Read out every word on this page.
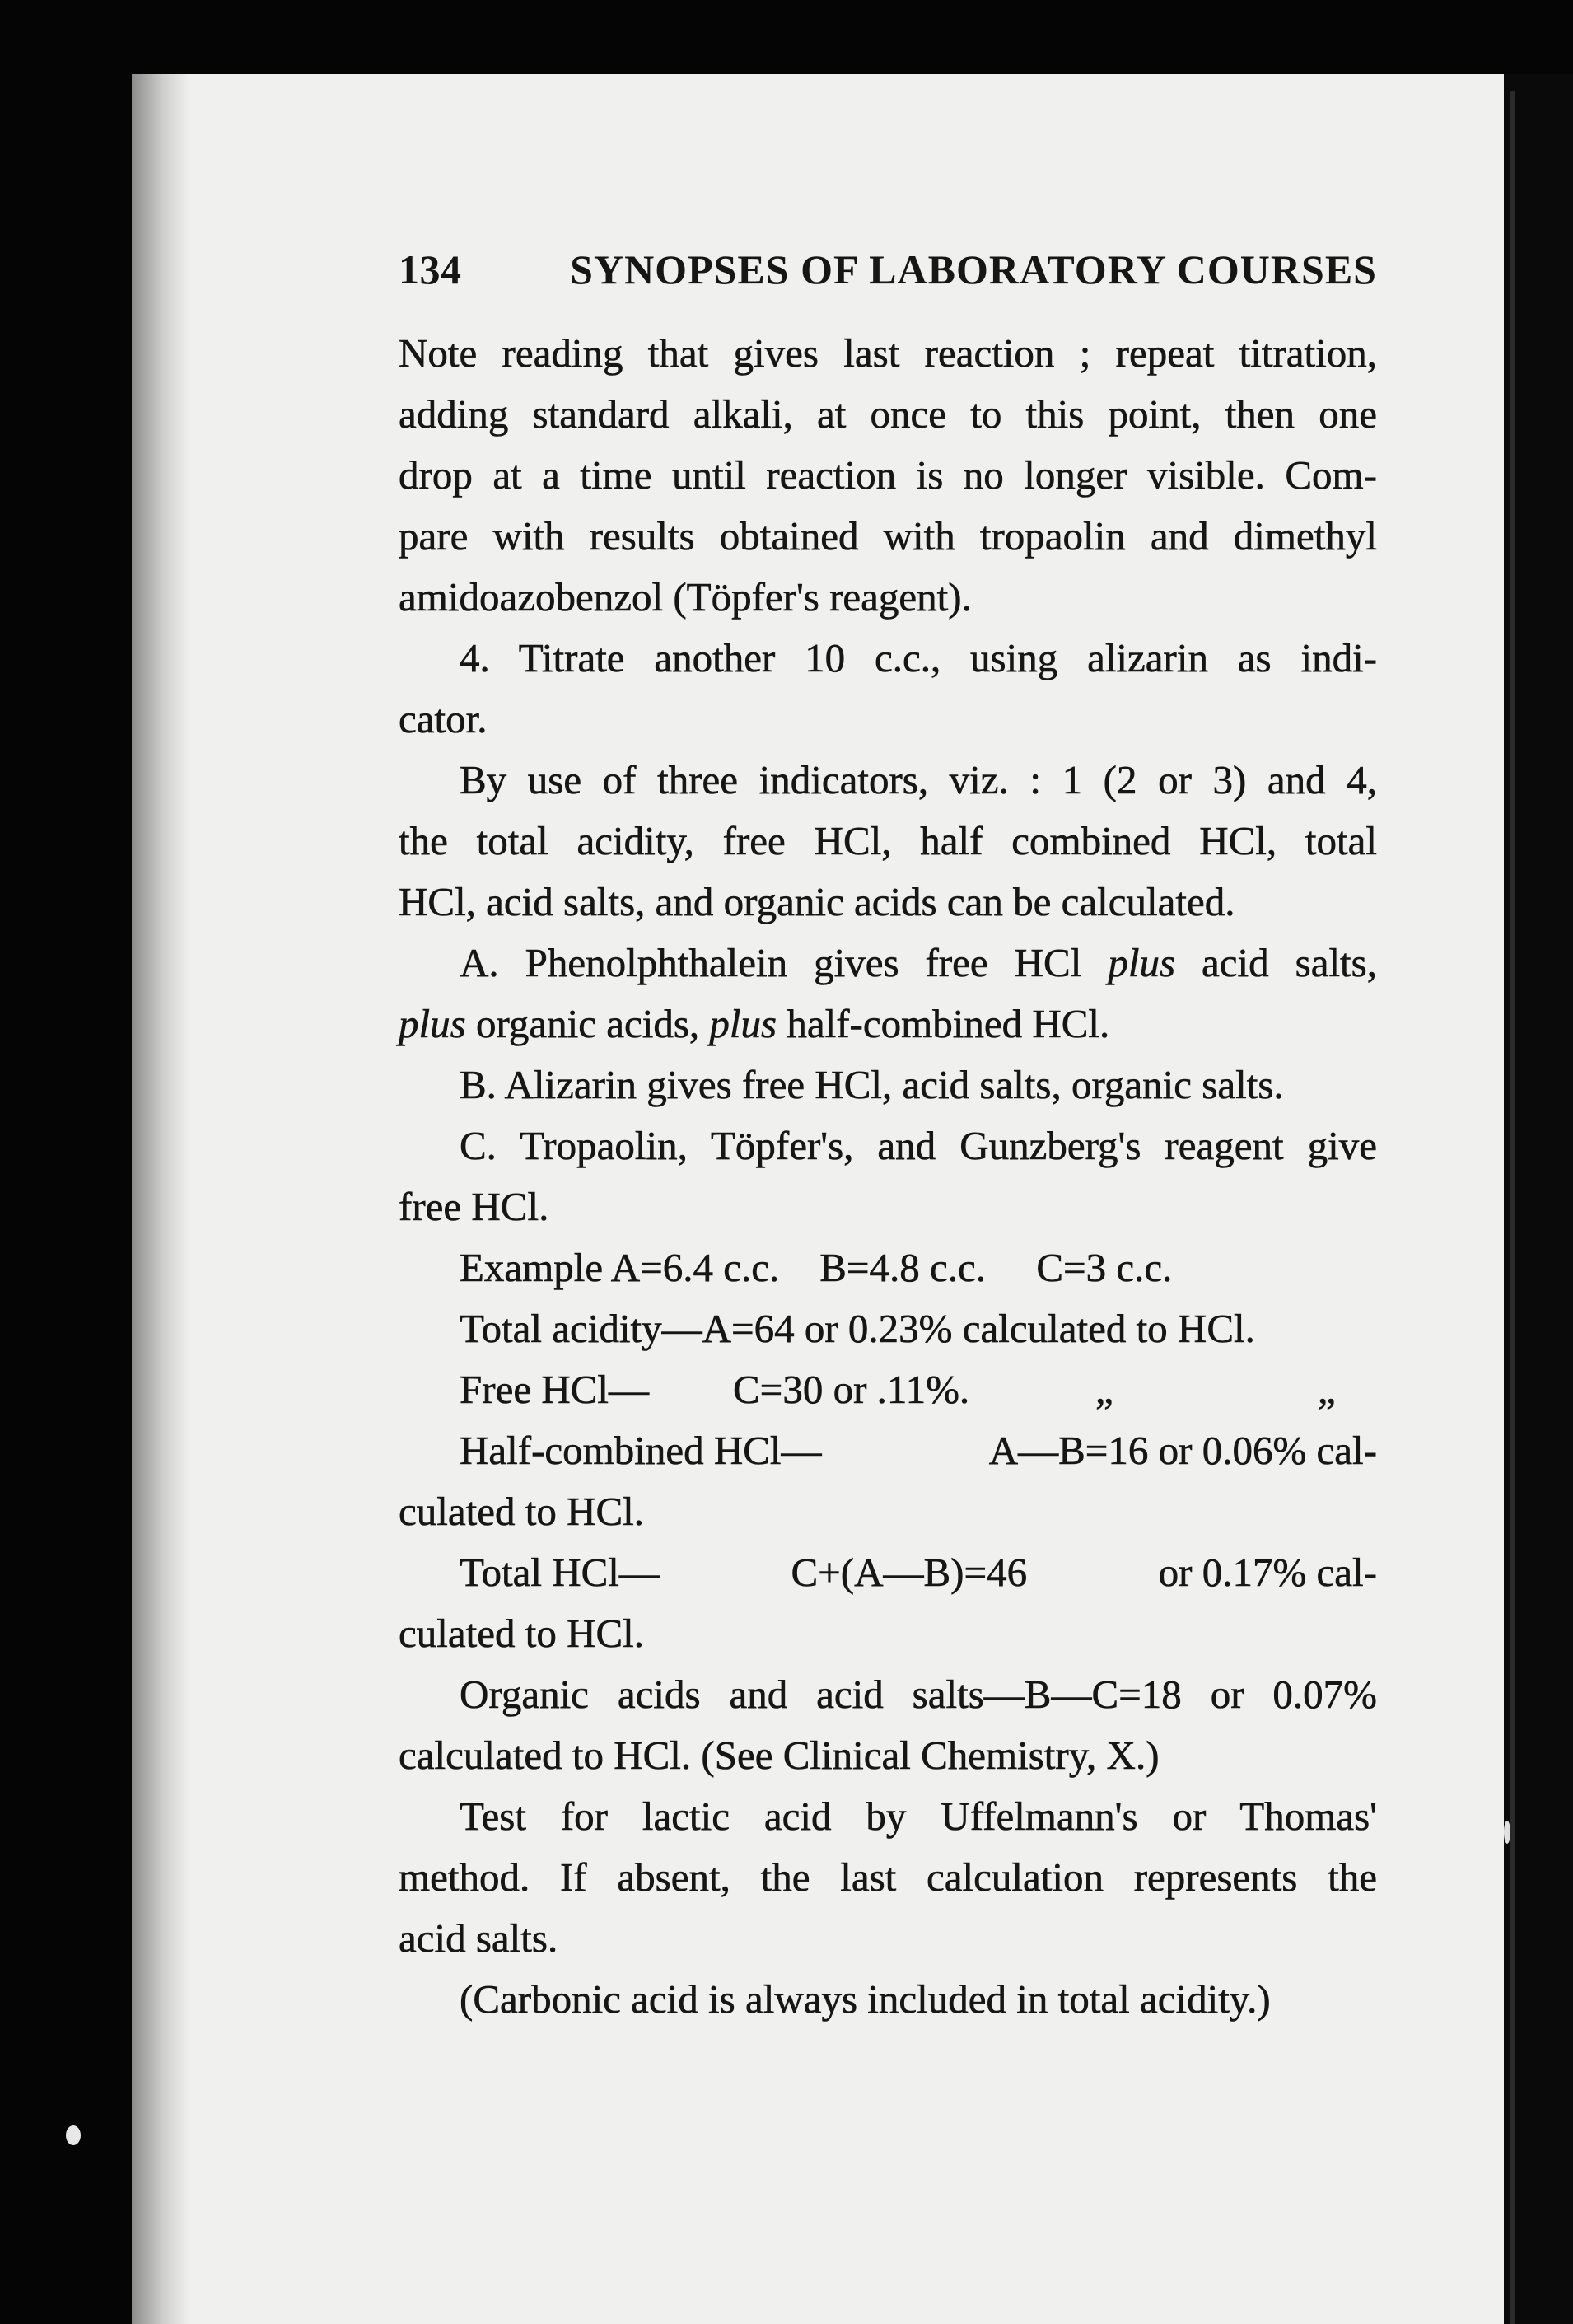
134	SYNOPSES OF LABORATORY COURSES

Note reading that gives last reaction ; repeat titration,

adding standard alkali, at once to this point, then one

drop at a time until reaction is no longer visible. Com-

pare with results obtained with tropaolin and dimethyl

amidoazobenzol (Töpfer's reagent).

4. Titrate another 10 c.c., using alizarin as indi-

cator.

By use of three indicators, viz. : 1 (2 or 3) and 4,

the total acidity, free HCl, half combined HCl, total

HCl, acid salts, and organic acids can be calculated.

A. Phenolphthalein gives free HCl plus acid salts,

plus organic acids, plus half-combined HCl.

B. Alizarin gives free HCl, acid salts, organic salts.

C. Tropaolin, Töpfer's, and Gunzberg's reagent give

free HCl.

Example A=6.4 c.c. B=4.8 c.c. C=3 c.c.

Total acidity—A=64 or 0.23% calculated to HCl.

Free HCl—	C=30 or .11%.	„	„

Half-combined HCl—	A—B=16 or 0.06% cal-

culated to HCl.

Total HCl—	C+(A—B)=46	or 0.17% cal-

culated to HCl.

Organic acids and acid salts—B—C=18 or 0.07%

calculated to HCl. (See Clinical Chemistry, X.)

Test for lactic acid by Uffelmann's or Thomas'

method. If absent, the last calculation represents the

acid salts.

(Carbonic acid is always included in total acidity.)
